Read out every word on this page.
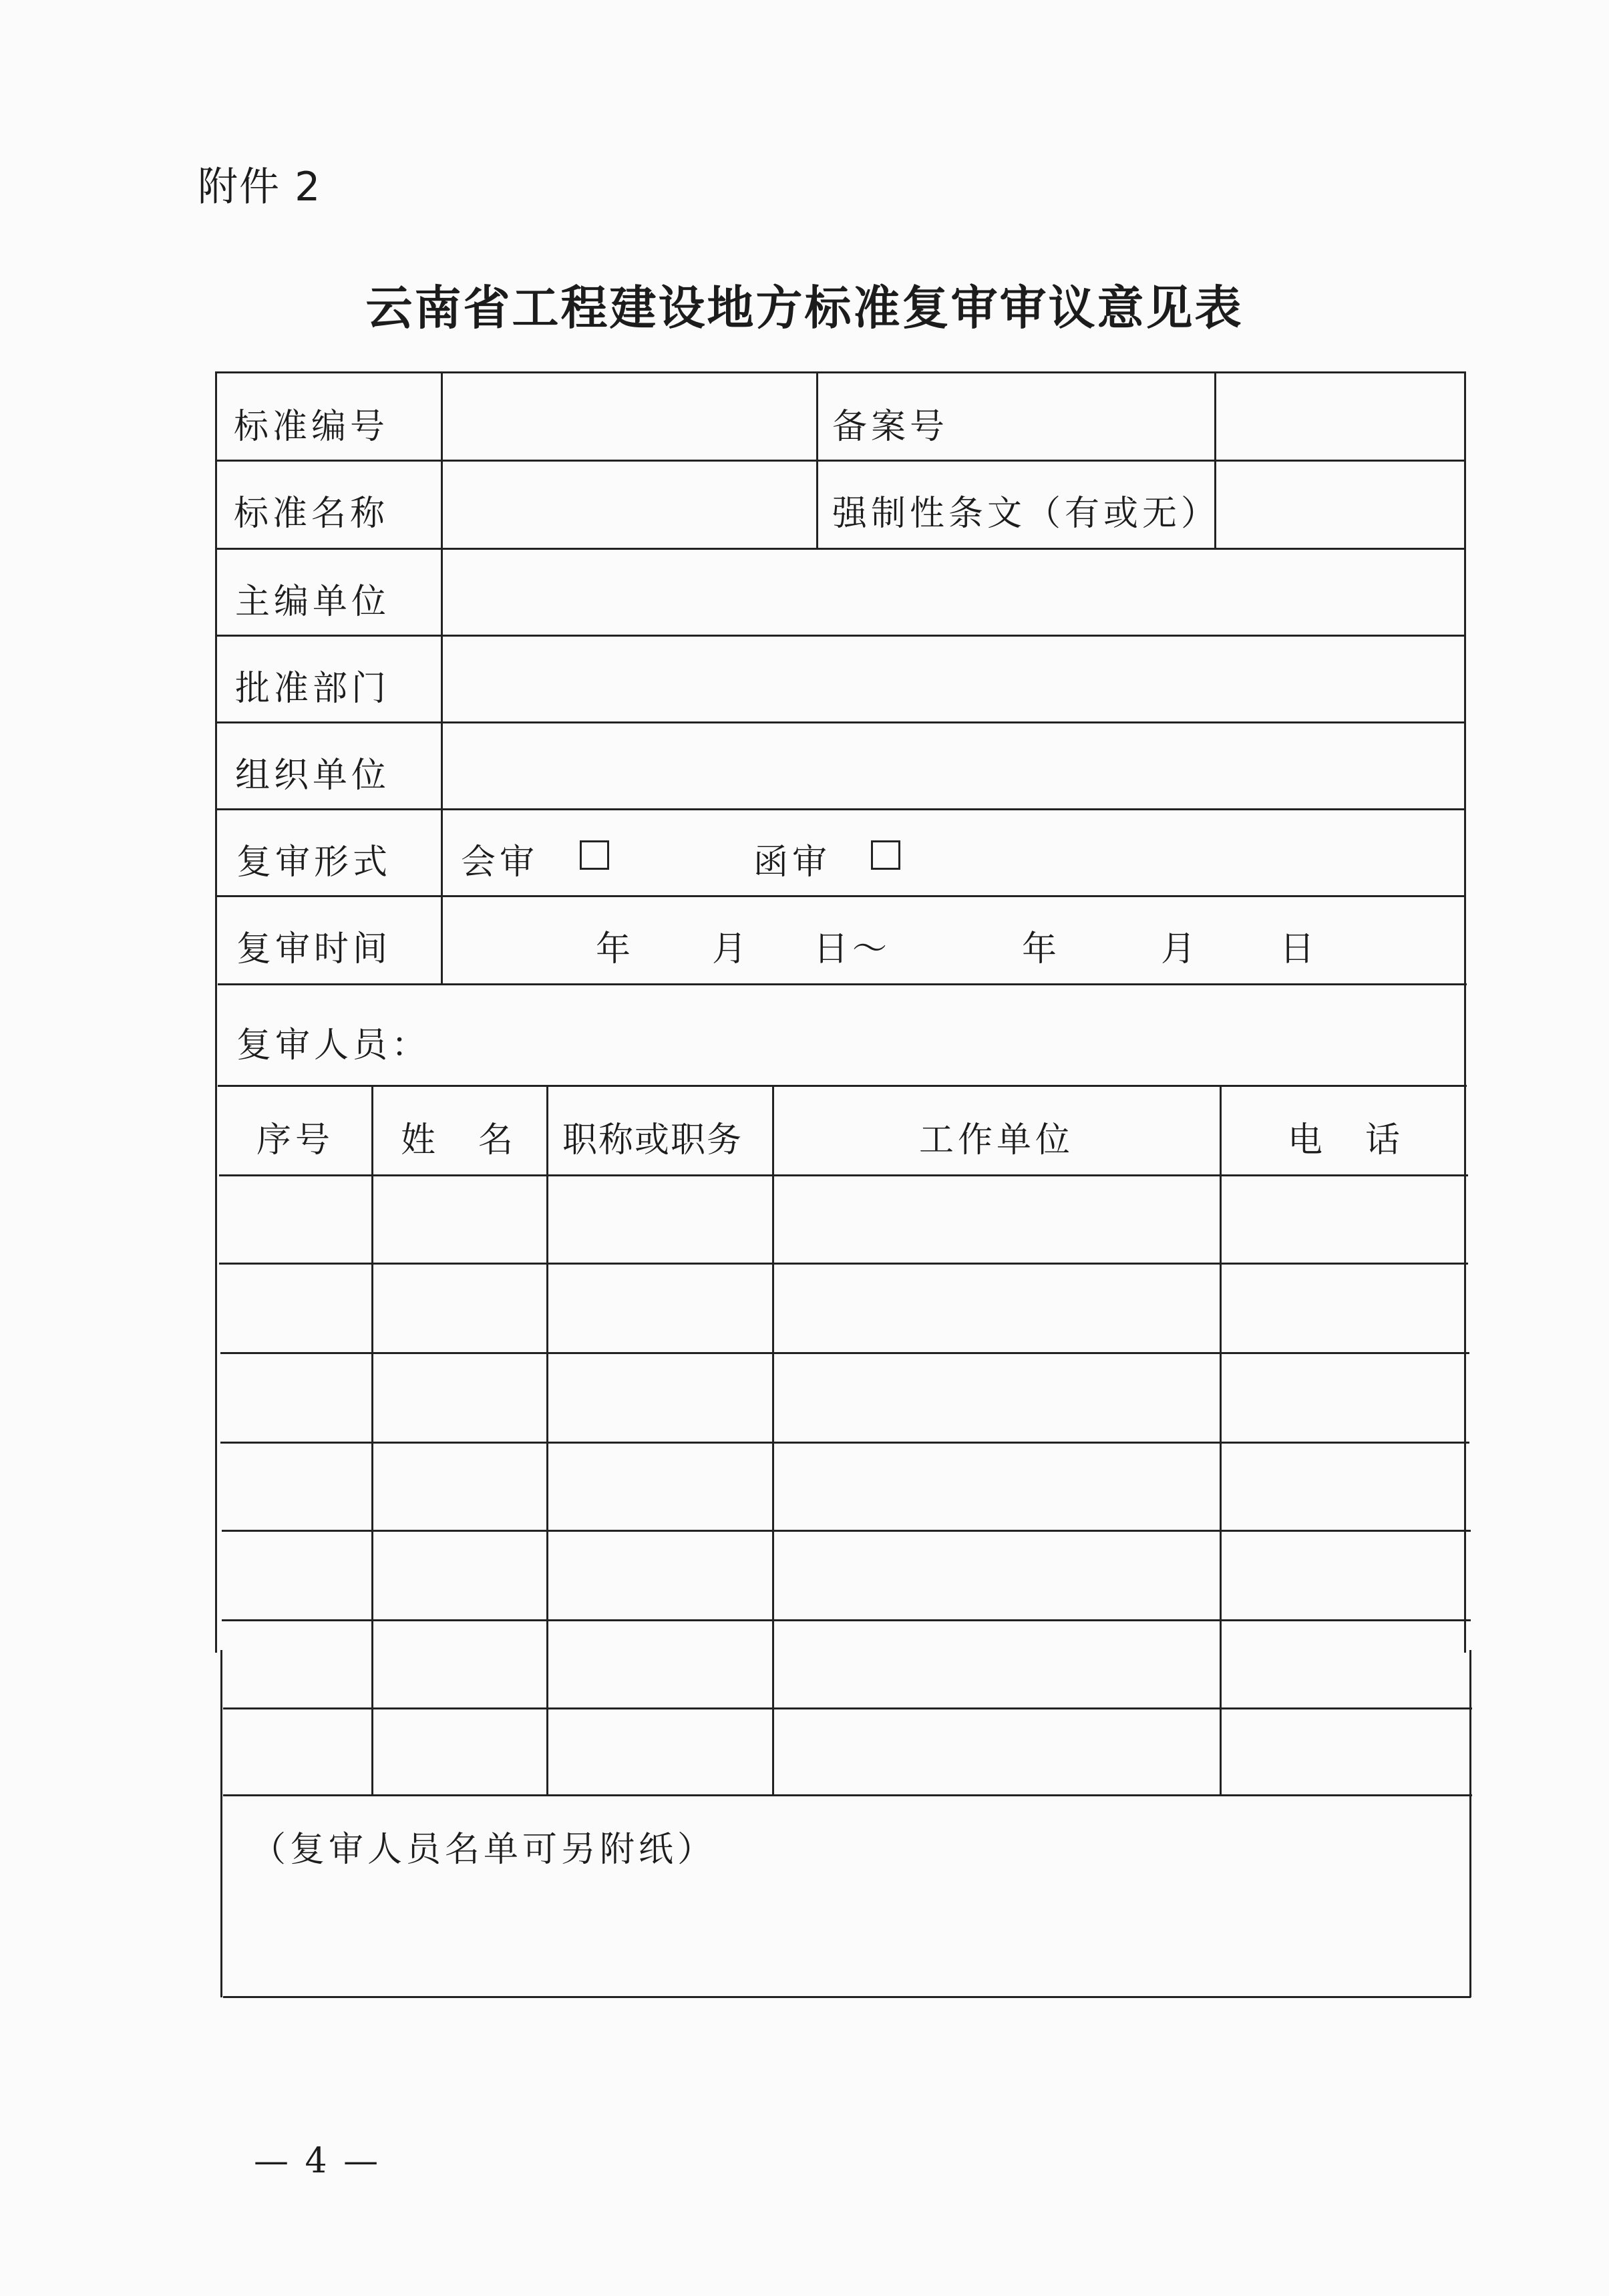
附件 2
云南省工程建设地方标准复审审议意见表
标准编号	备案号
标准名称	强制性条文（有或无）
主编单位
批准部门
组织单位
复审形式 会审	函审
复审时间	年 月 日～	年	月 日
复审人员：
序号 姓　名 职称或职务	工作单位	电　话
（复审人员名单可另附纸）
— 4 —
